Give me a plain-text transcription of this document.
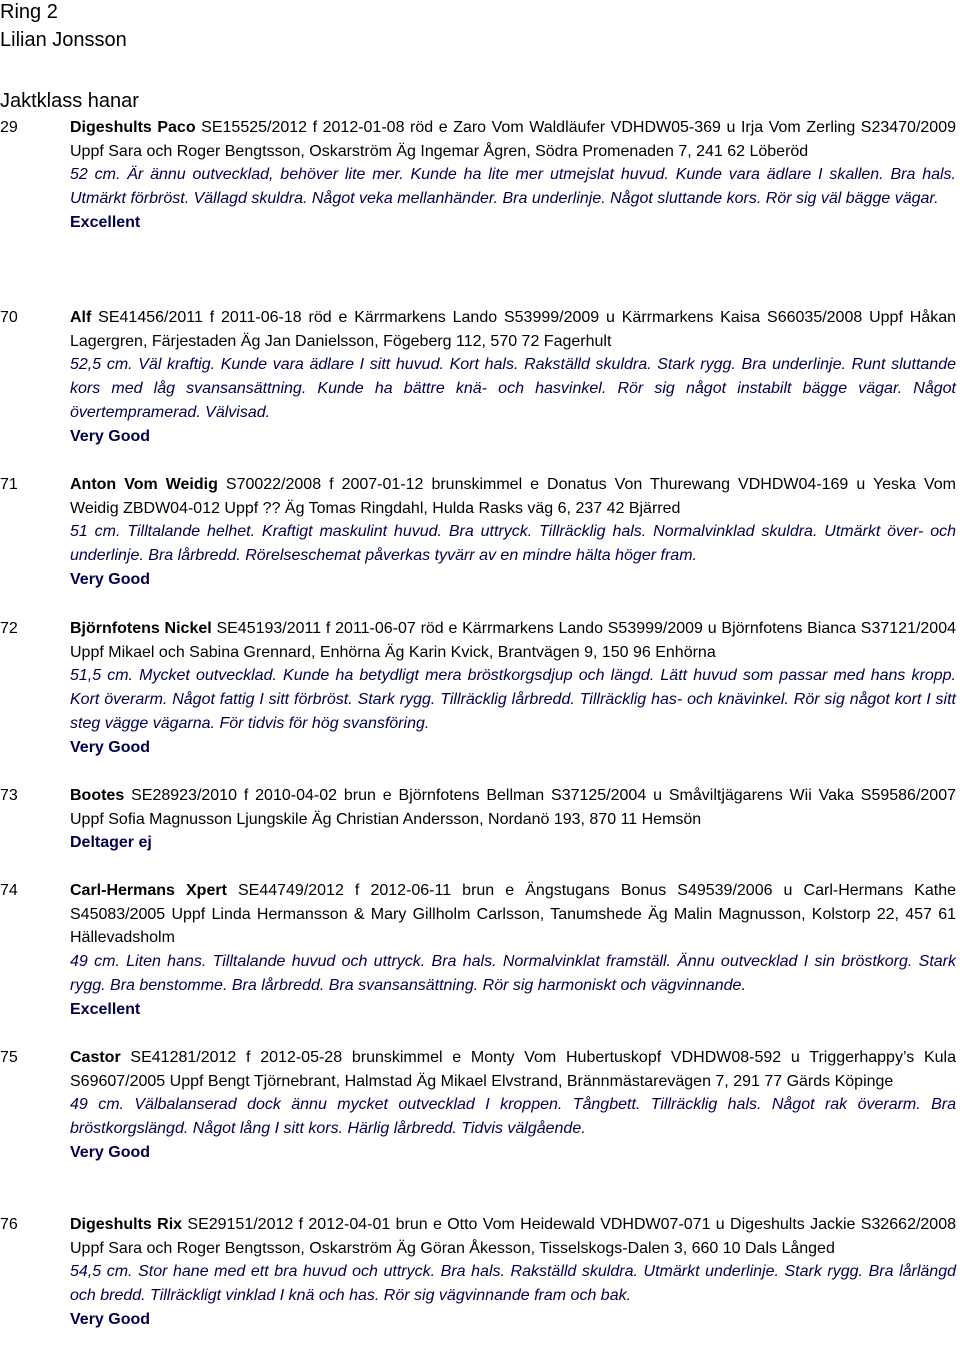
Ring 2
Lilian Jonsson
Jaktklass hanar
29	Digeshults Paco SE15525/2012 f 2012-01-08 röd e Zaro Vom Waldläufer VDHDW05-369 u Irja Vom Zerling S23470/2009 Uppf Sara och Roger Bengtsson, Oskarström Äg Ingemar Ågren, Södra Promenaden 7, 241 62 Löberöd

52 cm. Är ännu outvecklad, behöver lite mer. Kunde ha lite mer utmejslat huvud. Kunde vara ädlare I skallen. Bra hals. Utmärkt förbröst. Vällagd skuldra. Något veka mellanhänder. Bra underlinje. Något sluttande kors. Rör sig väl bägge vägar.

Excellent

70	Alf SE41456/2011 f 2011-06-18 röd e Kärrmarkens Lando S53999/2009 u Kärrmarkens Kaisa S66035/2008 Uppf Håkan Lagergren, Färjestaden Äg Jan Danielsson, Fögeberg 112, 570 72 Fagerhult

52,5 cm. Väl kraftig. Kunde vara ädlare I sitt huvud. Kort hals. Rakställd skuldra. Stark rygg. Bra underlinje. Runt sluttande kors med låg svansansättning. Kunde ha bättre knä- och hasvinkel. Rör sig något instabilt bägge vägar. Något övertempramerad. Välvisad.

Very Good

71	Anton Vom Weidig S70022/2008 f 2007-01-12 brunskimmel e Donatus Von Thurewang VDHDW04-169 u Yeska Vom Weidig ZBDW04-012 Uppf ?? Äg Tomas Ringdahl, Hulda Rasks väg 6, 237 42 Bjärred

51 cm. Tilltalande helhet. Kraftigt maskulint huvud. Bra uttryck. Tillräcklig hals. Normalvinklad skuldra. Utmärkt över- och underlinje. Bra lårbredd. Rörelseschemat påverkas tyvärr av en mindre hälta höger fram.

Very Good

72	Björnfotens Nickel SE45193/2011 f 2011-06-07 röd e Kärrmarkens Lando S53999/2009 u Björnfotens Bianca S37121/2004 Uppf Mikael och Sabina Grennard, Enhörna Äg Karin Kvick, Brantvägen 9, 150 96 Enhörna

51,5 cm. Mycket outvecklad. Kunde ha betydligt mera bröstkorgsdjup och längd. Lätt huvud som passar med hans kropp. Kort överarm. Något fattig I sitt förbröst. Stark rygg. Tillräcklig lårbredd. Tillräcklig has- och knävinkel. Rör sig något kort I sitt steg vägge vägarna. För tidvis för hög svansföring.

Very Good

73	Bootes SE28923/2010 f 2010-04-02 brun e Björnfotens Bellman S37125/2004 u Småviltjägarens Wii Vaka S59586/2007 Uppf Sofia Magnusson Ljungskile Äg Christian Andersson, Nordanö 193, 870 11 Hemsön

Deltager ej

74	Carl-Hermans Xpert SE44749/2012 f 2012-06-11 brun e Ängstugans Bonus S49539/2006 u Carl-Hermans Kathe S45083/2005 Uppf Linda Hermansson & Mary Gillholm Carlsson, Tanumshede Äg Malin Magnusson, Kolstorp 22, 457 61 Hällevadsholm

49 cm. Liten hans. Tilltalande huvud och uttryck. Bra hals. Normalvinklat framställ. Ännu outvecklad I sin bröstkorg. Stark rygg. Bra benstomme. Bra lårbredd. Bra svansansättning. Rör sig harmoniskt och vägvinnande.

Excellent

75	Castor SE41281/2012 f 2012-05-28 brunskimmel e Monty Vom Hubertuskopf VDHDW08-592 u Triggerhappy’s Kula S69607/2005 Uppf Bengt Tjörnebrant, Halmstad Äg Mikael Elvstrand, Brännmästarevägen 7, 291 77 Gärds Köpinge

49 cm. Välbalanserad dock ännu mycket outvecklad I kroppen. Tångbett. Tillräcklig hals. Något rak överarm. Bra bröstkorgslängd. Något lång I sitt kors. Härlig lårbredd. Tidvis välgående.

Very Good

76	Digeshults Rix SE29151/2012 f 2012-04-01 brun e Otto Vom Heidewald VDHDW07-071 u Digeshults Jackie S32662/2008 Uppf Sara och Roger Bengtsson, Oskarström Äg Göran Åkesson, Tisselskogs-Dalen 3, 660 10 Dals Långed

54,5 cm. Stor hane med ett bra huvud och uttryck. Bra hals. Rakställd skuldra. Utmärkt underlinje. Stark rygg. Bra lårlängd och bredd. Tillräckligt vinklad I knä och has. Rör sig vägvinnande fram och bak.

Very Good
